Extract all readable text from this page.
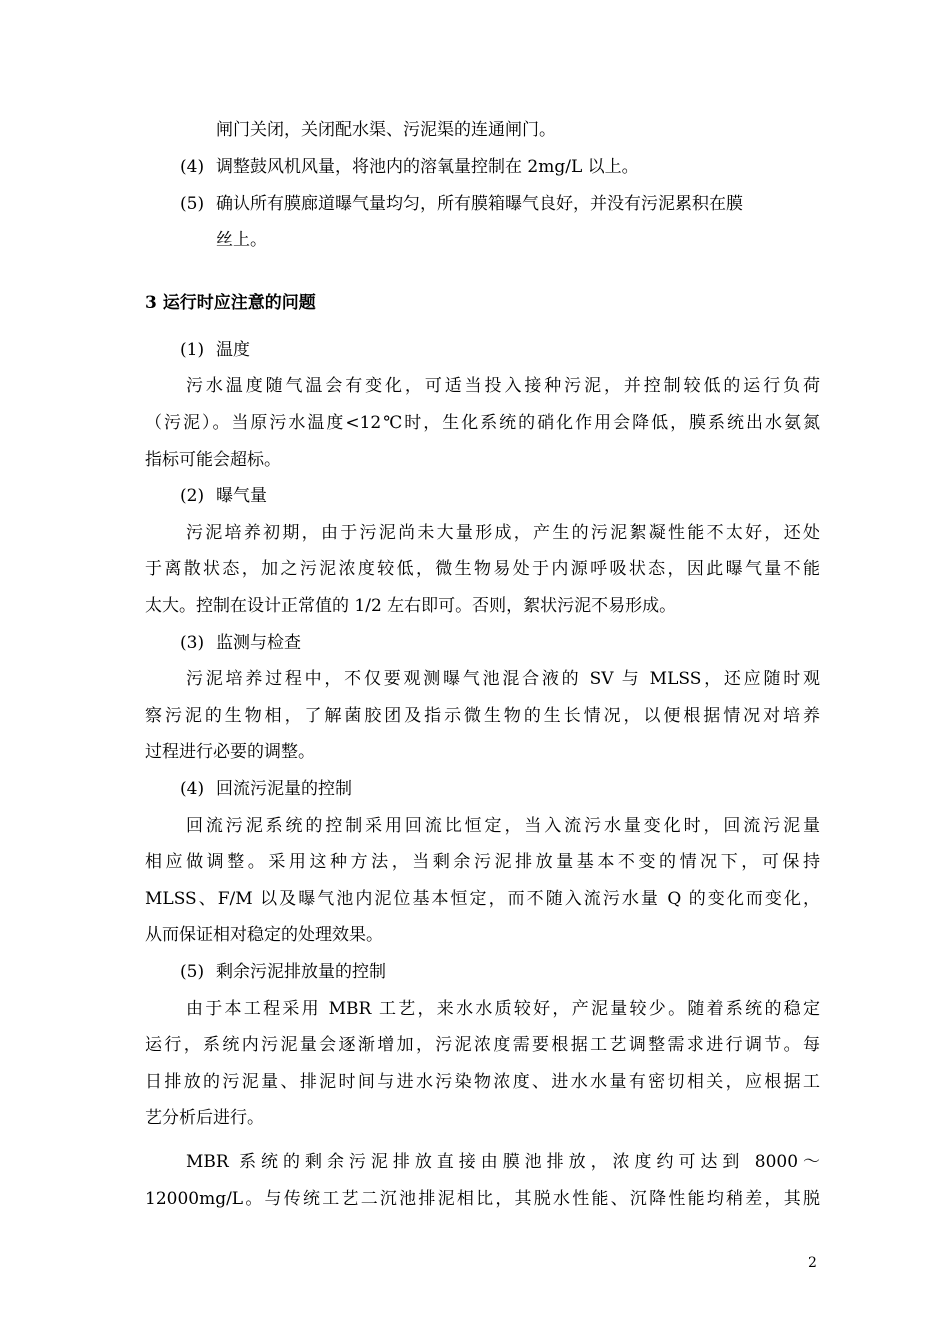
闸门关闭，关闭配水渠、污泥渠的连通闸门。
(4) 调整鼓风机风量，将池内的溶氧量控制在 2mg/L 以上。
(5) 确认所有膜廊道曝气量均匀，所有膜箱曝气良好，并没有污泥累积在膜
丝上。
3 运行时应注意的问题
(1) 温度
污水温度随气温会有变化，可适当投入接种污泥，并控制较低的运行负荷
（污泥）。当原污水温度<12℃时，生化系统的硝化作用会降低，膜系统出水氨氮
指标可能会超标。
(2) 曝气量
污泥培养初期，由于污泥尚未大量形成，产生的污泥絮凝性能不太好，还处
于离散状态，加之污泥浓度较低，微生物易处于内源呼吸状态，因此曝气量不能
太大。控制在设计正常值的 1/2 左右即可。否则，絮状污泥不易形成。
(3) 监测与检查
污泥培养过程中，不仅要观测曝气池混合液的 SV 与 MLSS，还应随时观
察污泥的生物相，了解菌胶团及指示微生物的生长情况，以便根据情况对培养
过程进行必要的调整。
(4) 回流污泥量的控制
回流污泥系统的控制采用回流比恒定，当入流污水量变化时，回流污泥量
相应做调整。采用这种方法，当剩余污泥排放量基本不变的情况下，可保持
MLSS、F/M 以及曝气池内泥位基本恒定，而不随入流污水量 Q 的变化而变化，
从而保证相对稳定的处理效果。
(5) 剩余污泥排放量的控制
由于本工程采用 MBR 工艺，来水水质较好，产泥量较少。随着系统的稳定
运行，系统内污泥量会逐渐增加，污泥浓度需要根据工艺调整需求进行调节。每
日排放的污泥量、排泥时间与进水污染物浓度、进水水量有密切相关，应根据工
艺分析后进行。
MBR 系统的剩余污泥排放直接由膜池排放，浓度约可达到 8000～
12000mg/L。与传统工艺二沉池排泥相比，其脱水性能、沉降性能均稍差，其脱
2
